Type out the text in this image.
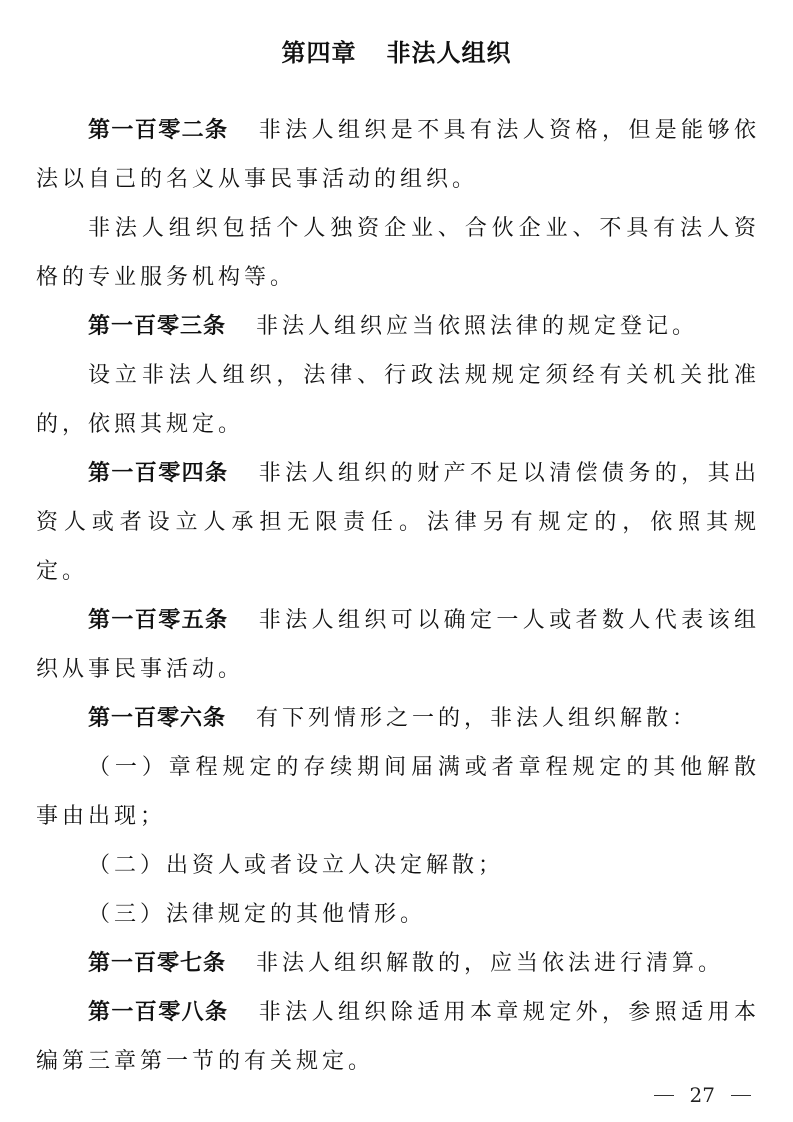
第四章 非法人组织

第一百零二条 非法人组织是不具有法人资格，但是能够依法以自己的名义从事民事活动的组织。

非法人组织包括个人独资企业、合伙企业、不具有法人资格的专业服务机构等。

第一百零三条 非法人组织应当依照法律的规定登记。

设立非法人组织，法律、行政法规规定须经有关机关批准的，依照其规定。

第一百零四条 非法人组织的财产不足以清偿债务的，其出资人或者设立人承担无限责任。法律另有规定的，依照其规定。

第一百零五条 非法人组织可以确定一人或者数人代表该组织从事民事活动。

第一百零六条 有下列情形之一的，非法人组织解散：

（一）章程规定的存续期间届满或者章程规定的其他解散事由出现；

（二）出资人或者设立人决定解散；

（三）法律规定的其他情形。

第一百零七条 非法人组织解散的，应当依法进行清算。

第一百零八条 非法人组织除适用本章规定外，参照适用本编第三章第一节的有关规定。

27
